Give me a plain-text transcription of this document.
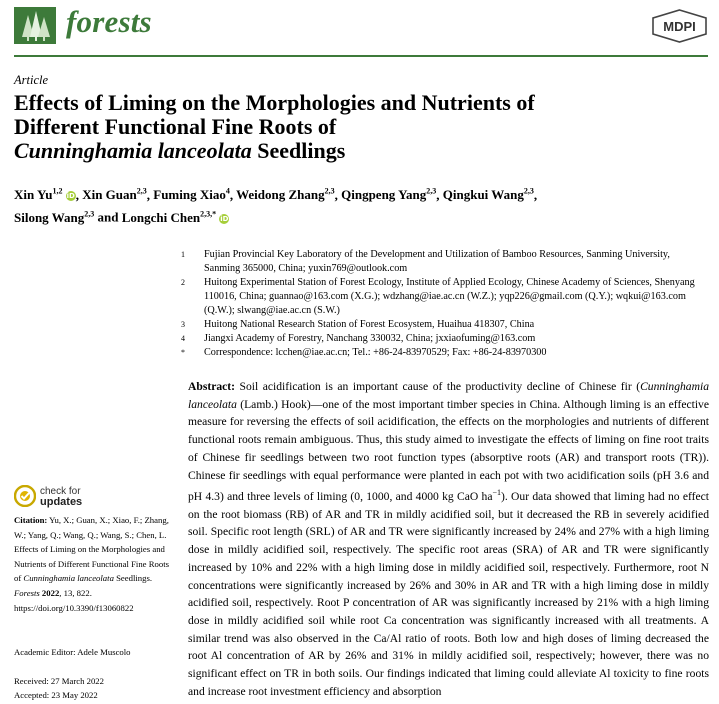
forests	MDPI
Article
Effects of Liming on the Morphologies and Nutrients of
Different Functional Fine Roots of
Cunninghamia lanceolata Seedlings
Xin Yu$^{1,2}$ iD, Xin Guan$^{2,3}$, Fuming Xiao$^4$, Weidong Zhang$^{2,3}$, Qingpeng Yang$^{2,3}$, Qingkui Wang$^{2,3}$,
Silong Wang$^{2,3}$ and Longchi Chen$^{2,3,*}$ iD
1	Fujian Provincial Key Laboratory of the Development and Utilization of Bamboo Resources, Sanming University, Sanming 365000, China; yuxin769@outlook.com
2	Huitong Experimental Station of Forest Ecology, Institute of Applied Ecology, Chinese Academy of Sciences, Shenyang 110016, China; guannao@163.com (X.G.); wdzhang@iae.ac.cn (W.Z.); yqp226@gmail.com (Q.Y.); wqkui@163.com (Q.W.); slwang@iae.ac.cn (S.W.)
3	Huitong National Research Station of Forest Ecosystem, Huaihua 418307, China
4	Jiangxi Academy of Forestry, Nanchang 330032, China; jxxiaofuming@163.com
*	Correspondence: lcchen@iae.ac.cn; Tel.: +86-24-83970529; Fax: +86-24-83970300
Abstract: Soil acidification is an important cause of the productivity decline of Chinese fir (Cunninghamia lanceolata (Lamb.) Hook)—one of the most important timber species in China. Although liming is an effective measure for reversing the effects of soil acidification, the effects on the morphologies and nutrients of different functional roots remain ambiguous. Thus, this study aimed to investigate the effects of liming on fine root traits of Chinese fir seedlings between two root function types (absorptive roots (AR) and transport roots (TR)). Chinese fir seedlings with equal performance were planted in each pot with two acidification soils (pH 3.6 and pH 4.3) and three levels of liming (0, 1000, and 4000 kg CaO $ha^{-1}$). Our data showed that liming had no effect on the root biomass (RB) of AR and TR in mildly acidified soil, but it decreased the RB in severely acidified soil. Specific root length (SRL) of AR and TR were significantly increased by 24% and 27% with a high liming dose in mildly acidified soil, respectively. The specific root areas (SRA) of AR and TR were significantly increased by 10% and 22% with a high liming dose in mildly acidified soil, respectively. Furthermore, root N concentrations were significantly increased by 26% and 30% in AR and TR with a high liming dose in mildly acidified soil, respectively. Root P concentration of AR was significantly increased by 21% with a high liming dose in mildly acidified soil while root Ca concentration was significantly increased with all treatments. A similar trend was also observed in the Ca/Al ratio of roots. Both low and high doses of liming decreased the root Al concentration of AR by 26% and 31% in mildly acidified soil, respectively; however, there was no significant effect on TR in both soils. Our findings indicated that liming could alleviate Al toxicity to fine roots and increase root investment efficiency and absorption
check for
updates
Citation: Yu, X.; Guan, X.; Xiao, F.; Zhang, W.; Yang, Q.; Wang, Q.; Wang, S.; Chen, L. Effects of Liming on the Morphologies and Nutrients of Different Functional Fine Roots of Cunninghamia lanceolata Seedlings. Forests 2022, 13, 822. https://doi.org/10.3390/f13060822
Academic Editor: Adele Muscolo
Received: 27 March 2022
Accepted: 23 May 2022
